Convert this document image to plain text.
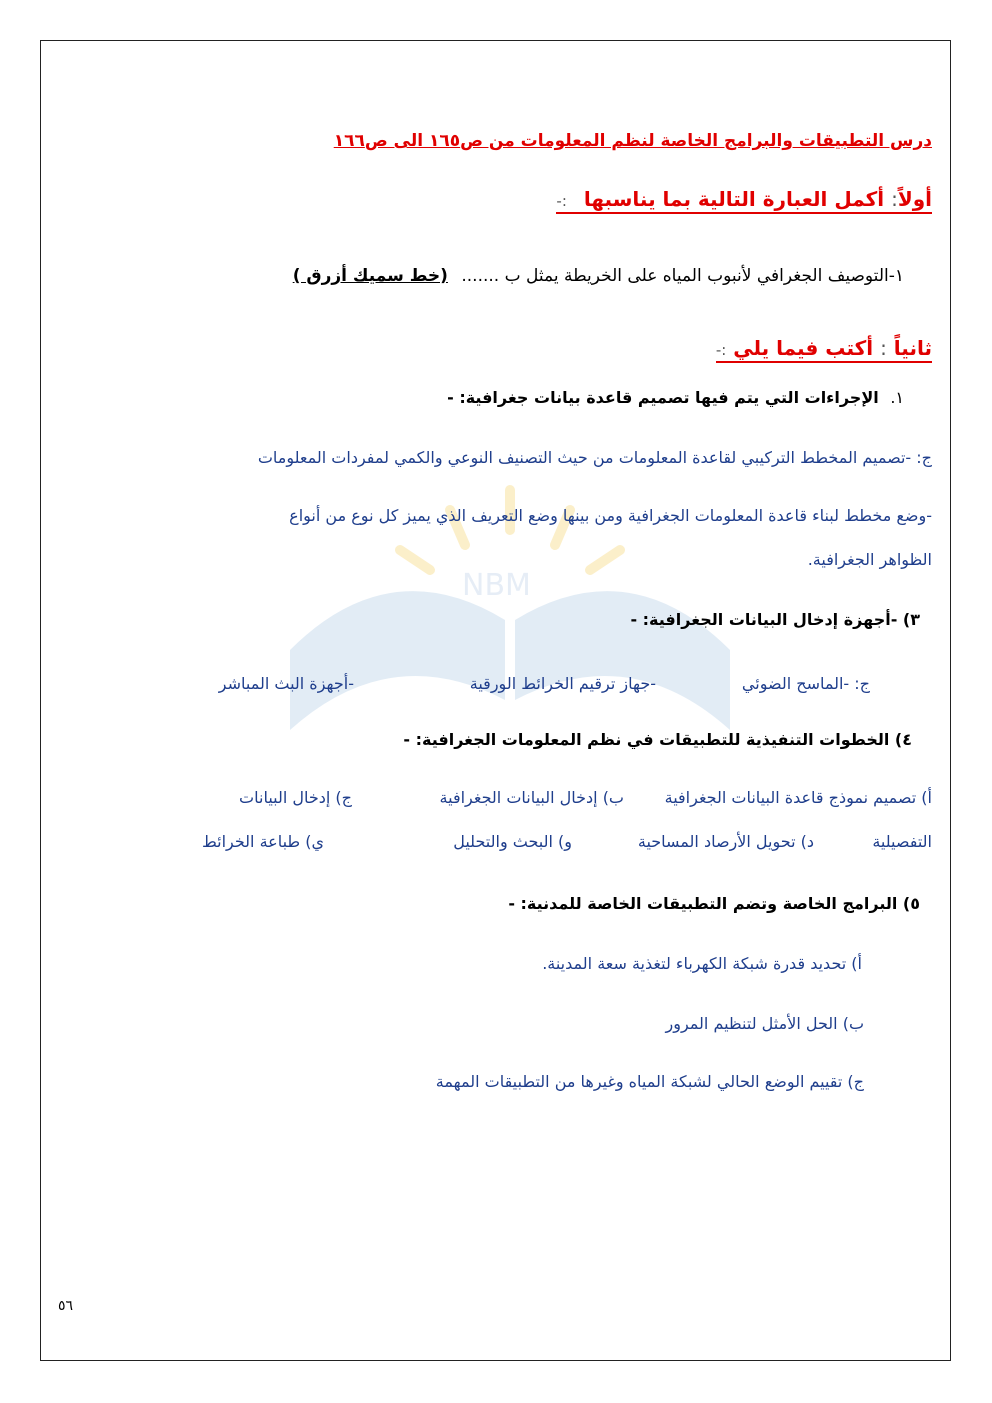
NBM
درس التطبيقات والبرامج الخاصة لنظم المعلومات من ص١٦٥ الى ص١٦٦
أولاً: أكمل العبارة التالية بما يناسبها :-
١-التوصيف الجغرافي لأنبوب المياه على الخريطة يمثل ب ....... (خط سميك أزرق )
ثانياً : أكتب فيما يلي :-
١. الإجراءات التي يتم فيها تصميم قاعدة بيانات جغرافية: -
ج: -تصميم المخطط التركيبي لقاعدة المعلومات من حيث التصنيف النوعي والكمي لمفردات المعلومات
-وضع مخطط لبناء قاعدة المعلومات الجغرافية ومن بينها وضع التعريف الذي يميز كل نوع من أنواع
الظواهر الجغرافية.
٣) -أجهزة إدخال البيانات الجغرافية: -
ج: -الماسح الضوئي
-جهاز ترقيم الخرائط الورقية
-أجهزة البث المباشر
٤) الخطوات التنفيذية للتطبيقات في نظم المعلومات الجغرافية: -
أ) تصميم نموذج قاعدة البيانات الجغرافية
ب) إدخال البيانات الجغرافية
ج) إدخال البيانات
التفصيلية
د) تحويل الأرصاد المساحية
و) البحث والتحليل
ي) طباعة الخرائط
٥) البرامج الخاصة وتضم التطبيقات الخاصة للمدنية: -
أ) تحديد قدرة شبكة الكهرباء لتغذية سعة المدينة.
ب) الحل الأمثل لتنظيم المرور
ج) تقييم الوضع الحالي لشبكة المياه وغيرها من التطبيقات المهمة
٥٦
